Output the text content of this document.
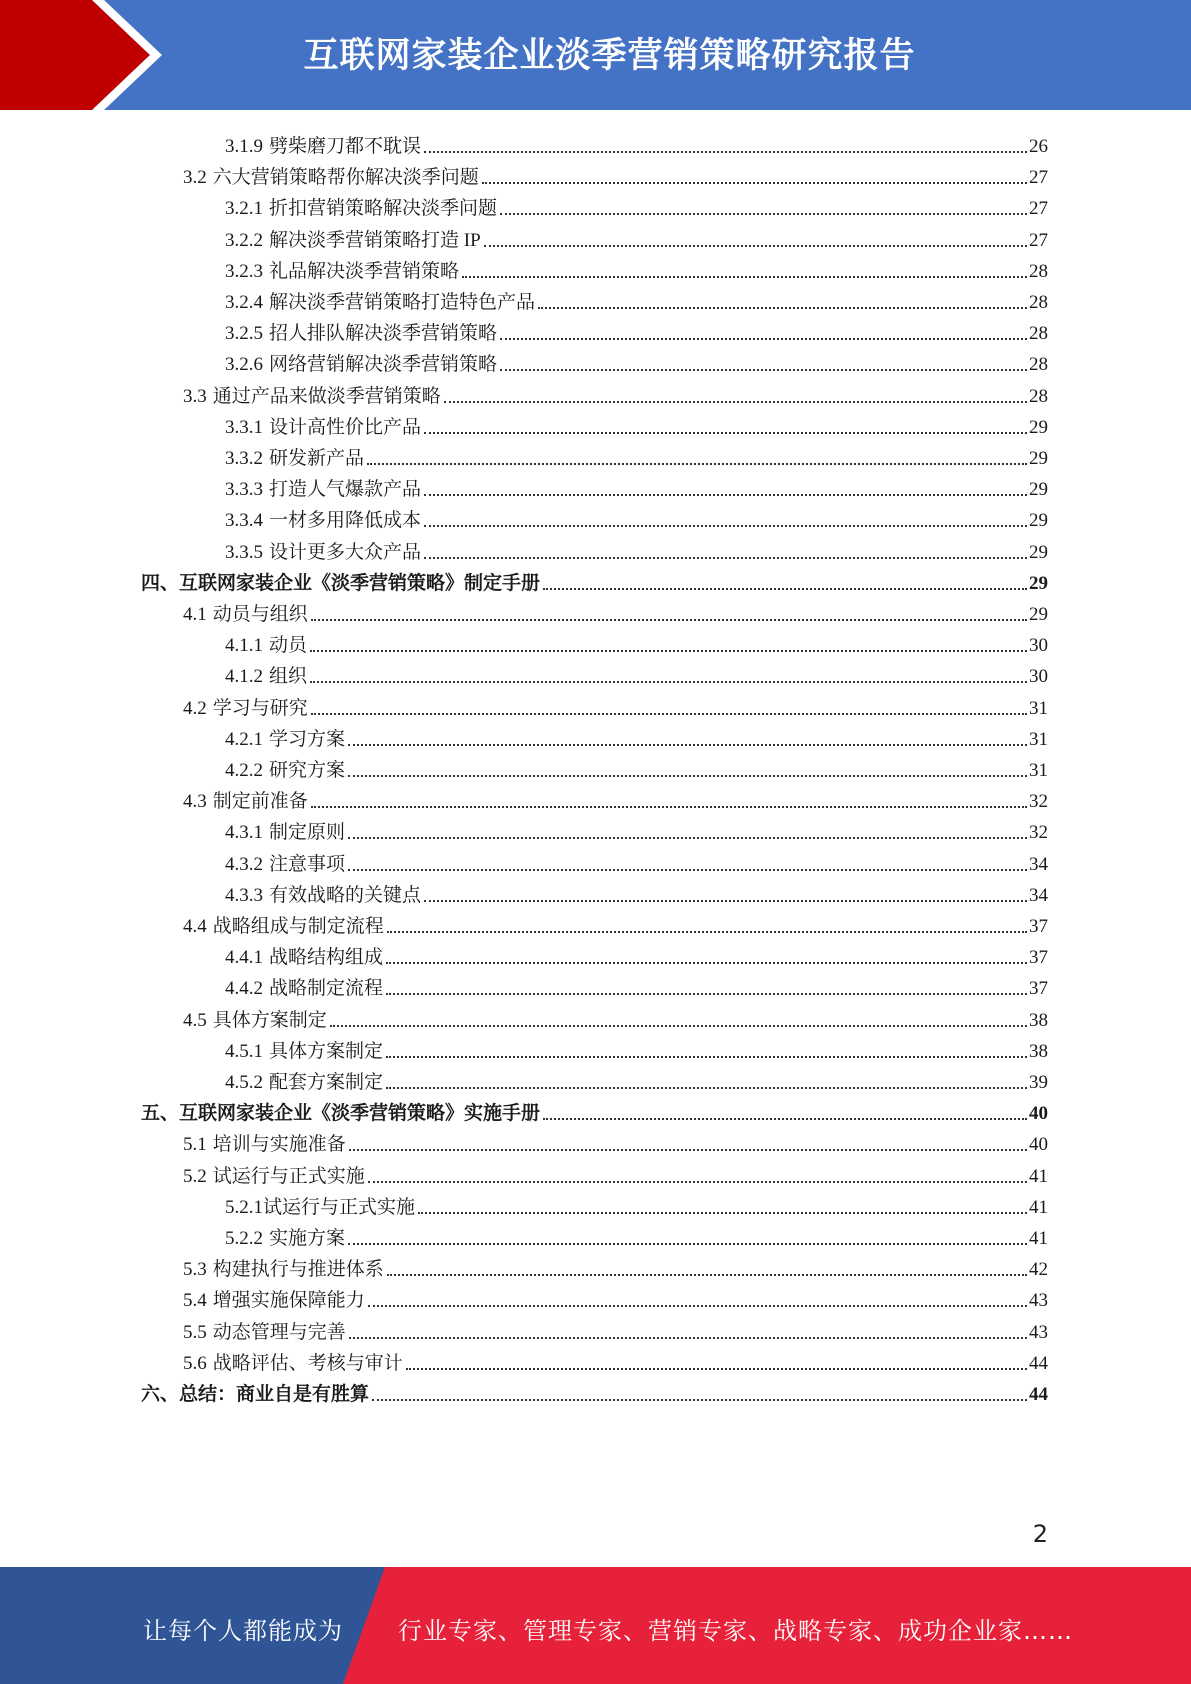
互联网家装企业淡季营销策略研究报告
3.1.9 劈柴磨刀都不耽误	26
3.2 六大营销策略帮你解决淡季问题	27
3.2.1 折扣营销策略解决淡季问题	27
3.2.2 解决淡季营销策略打造 IP	27
3.2.3 礼品解决淡季营销策略	28
3.2.4 解决淡季营销策略打造特色产品	28
3.2.5 招人排队解决淡季营销策略	28
3.2.6 网络营销解决淡季营销策略	28
3.3 通过产品来做淡季营销策略	28
3.3.1 设计高性价比产品	29
3.3.2 研发新产品	29
3.3.3 打造人气爆款产品	29
3.3.4 一材多用降低成本	29
3.3.5 设计更多大众产品	29
四、互联网家装企业《淡季营销策略》制定手册	29
4.1 动员与组织	29
4.1.1 动员	30
4.1.2 组织	30
4.2 学习与研究	31
4.2.1 学习方案	31
4.2.2 研究方案	31
4.3 制定前准备	32
4.3.1 制定原则	32
4.3.2 注意事项	34
4.3.3 有效战略的关键点	34
4.4 战略组成与制定流程	37
4.4.1 战略结构组成	37
4.4.2 战略制定流程	37
4.5 具体方案制定	38
4.5.1 具体方案制定	38
4.5.2 配套方案制定	39
五、互联网家装企业《淡季营销策略》实施手册	40
5.1 培训与实施准备	40
5.2 试运行与正式实施	41
5.2.1 试运行与正式实施	41
5.2.2 实施方案	41
5.3 构建执行与推进体系	42
5.4 增强实施保障能力	43
5.5 动态管理与完善	43
5.6 战略评估、考核与审计	44
六、总结：商业自是有胜算	44
2
让每个人都能成为 行业专家、管理专家、营销专家、战略专家、成功企业家……
